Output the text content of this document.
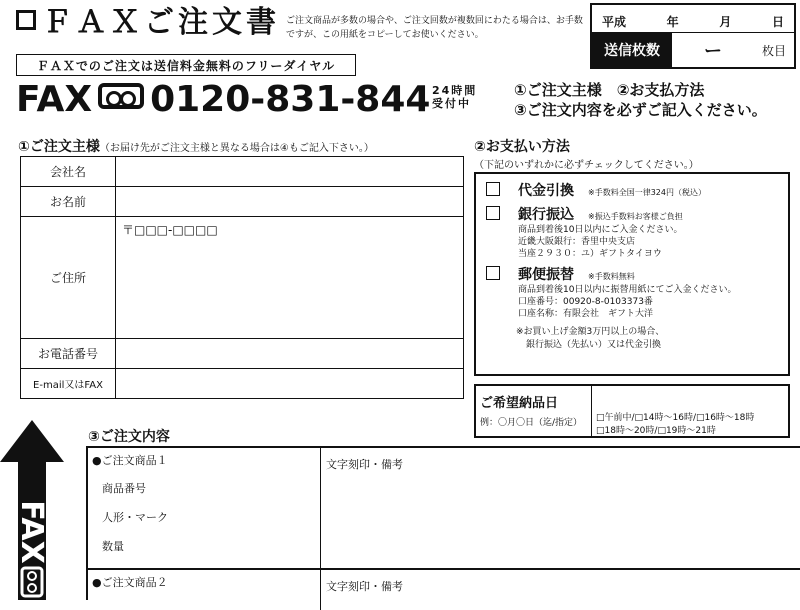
ＦＡＸご注文書 ご注文商品が多数の場合や、ご注文回数が複数回にわたる場合は、お手数ですが、この用紙をコピーしてお使いください。
平成	年	月	日
送信枚数	ー	枚目
ＦＡＸでのご注文は送信料金無料のフリーダイヤル
FAX 0120-831-844 24時間
受付中
①ご注文主様　②お支払方法
③ご注文内容を必ずご記入ください。
①ご注文主様（お届け先がご注文主様と異なる場合は④もご記入下さい。）
会社名	
お名前	
ご住所	〒□□□-□□□□
お電話番号	
E-mail又はFAX	
②お支払い方法
（下記のいずれかに必ずチェックしてください。）
代金引換 ※手数料全国一律324円（税込）
銀行振込 ※振込手数料お客様ご負担
商品到着後10日以内にご入金ください。
近畿大阪銀行：香里中央支店
当座２９３０：ユ）ギフトタイヨウ
郵便振替 ※手数料無料
商品到着後10日以内に振替用紙にてご入金ください。
口座番号：00920-8-0103373番
口座名称：有限会社　ギフト大洋
※お買い上げ金額3万円以上の場合、
銀行振込（先払い）又は代金引換
ご希望納品日
例：〇月〇日（迄/指定）	□午前中/□14時～16時/□16時～18時
□18時～20時/□19時～21時
FAX
③ご注文内容
●ご注文商品１
商品番号
人形・マーク
数量
文字刻印・備考
●ご注文商品２	文字刻印・備考
